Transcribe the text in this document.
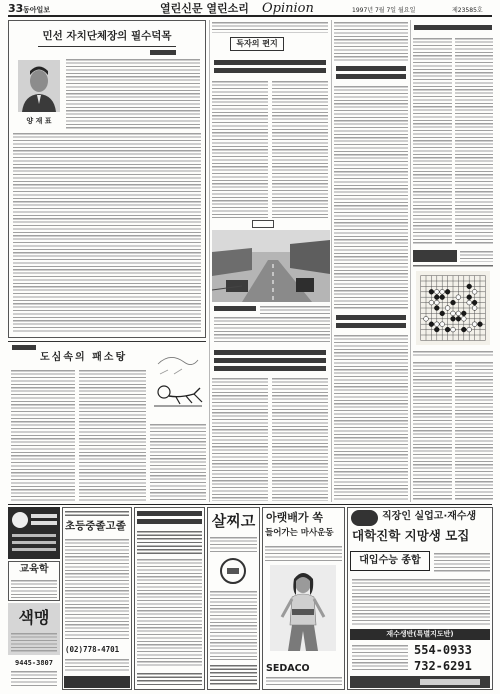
33 동아일보	열린신문 열린소리 Opinion	1997년 7월 7일 월요일	제23585호
민선 자치단체장의 필수덕목
양 재 표
도심속의 패소탕
독자의 편지
교육학
색맹
9445-3807
초등중졸고졸
(02)778-4701
살찌고 아랫배가 쏙
들어가는 마사운동
SEDACO
직장인 실업고·재수생
대학진학 지망생 모집
대입수능 종합
재수생반(특별지도반)
554-0933
732-6291
